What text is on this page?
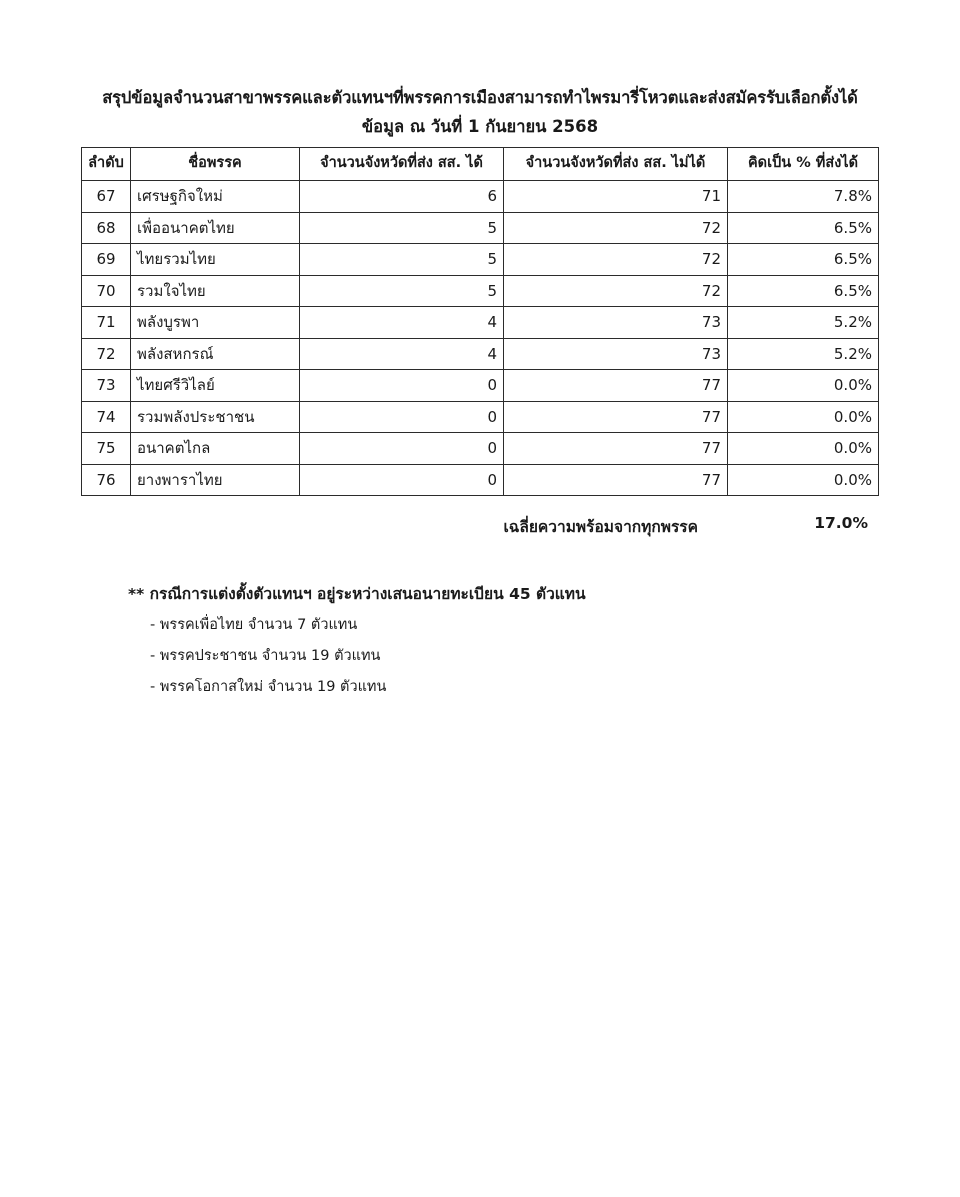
สรุปข้อมูลจำนวนสาขาพรรคและตัวแทนฯที่พรรคการเมืองสามารถทำไพรมารี่โหวตและส่งสมัครรับเลือกตั้งได้
ข้อมูล ณ วันที่ 1 กันยายน 2568
ลำดับ	ชื่อพรรค	จำนวนจังหวัดที่ส่ง สส. ได้	จำนวนจังหวัดที่ส่ง สส. ไม่ได้	คิดเป็น % ที่ส่งได้
67	เศรษฐกิจใหม่	6	71	7.8%
68	เพื่ออนาคตไทย	5	72	6.5%
69	ไทยรวมไทย	5	72	6.5%
70	รวมใจไทย	5	72	6.5%
71	พลังบูรพา	4	73	5.2%
72	พลังสหกรณ์	4	73	5.2%
73	ไทยศรีวิไลย์	0	77	0.0%
74	รวมพลังประชาชน	0	77	0.0%
75	อนาคตไกล	0	77	0.0%
76	ยางพาราไทย	0	77	0.0%
เฉลี่ยความพร้อมจากทุกพรรค	17.0%
** กรณีการแต่งตั้งตัวแทนฯ อยู่ระหว่างเสนอนายทะเบียน 45 ตัวแทน
- พรรคเพื่อไทย จำนวน 7 ตัวแทน
- พรรคประชาชน จำนวน 19 ตัวแทน
- พรรคโอกาสใหม่ จำนวน 19 ตัวแทน
